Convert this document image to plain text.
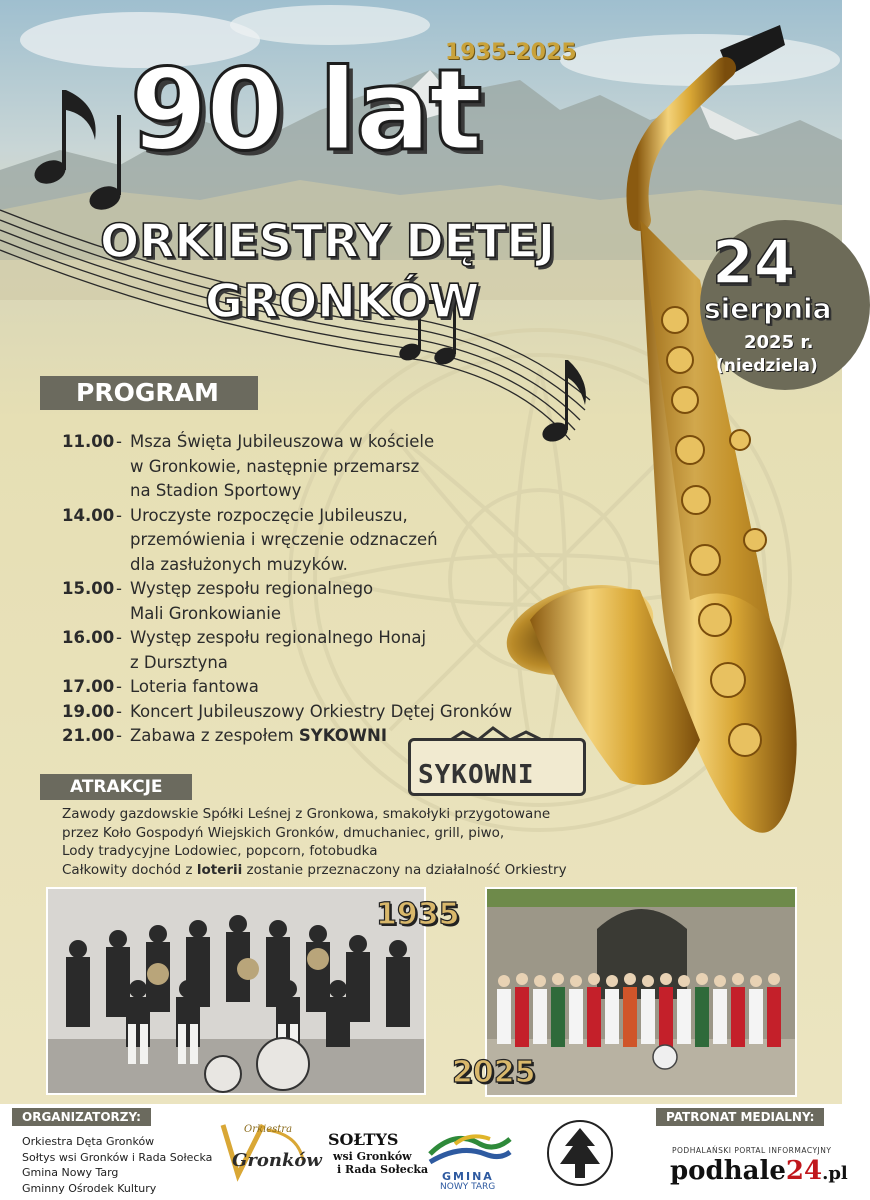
1935-2025
90 lat
ORKIESTRY DĘTEJ
GRONKÓW
24
sierpnia
2025 r.
(niedziela)
PROGRAM
11.00 - Msza Święta Jubileuszowa w kościele
w Gronkowie, następnie przemarsz
na Stadion Sportowy
14.00 - Uroczyste rozpoczęcie Jubileuszu,
przemówienia i wręczenie odznaczeń
dla zasłużonych muzyków.
15.00 - Występ zespołu regionalnego
Mali Gronkowianie
16.00 - Występ zespołu regionalnego Honaj
z Dursztyna
17.00 - Loteria fantowa
19.00 - Koncert Jubileuszowy Orkiestry Dętej Gronków
21.00 - Zabawa z zespołem SYKOWNI
SYKOWNI
ATRAKCJE
Zawody gazdowskie Spółki Leśnej z Gronkowa, smakołyki przygotowane
przez Koło Gospodyń Wiejskich Gronków, dmuchaniec, grill, piwo,
Lody tradycyjne Lodowiec, popcorn, fotobudka
Całkowity dochód z loterii zostanie przeznaczony na działalność Orkiestry
1935
2025
ORGANIZATORZY:
Orkiestra Dęta Gronków
Sołtys wsi Gronków i Rada Sołecka
Gmina Nowy Targ
Gminny Ośrodek Kultury
Orkiestra
Gronków
SOŁTYS
wsi Gronków
i Rada Sołecka
GMINA
NOWY TARG
PATRONAT MEDIALNY:
PODHALAŃSKI PORTAL INFORMACYJNY
podhale24.pl
